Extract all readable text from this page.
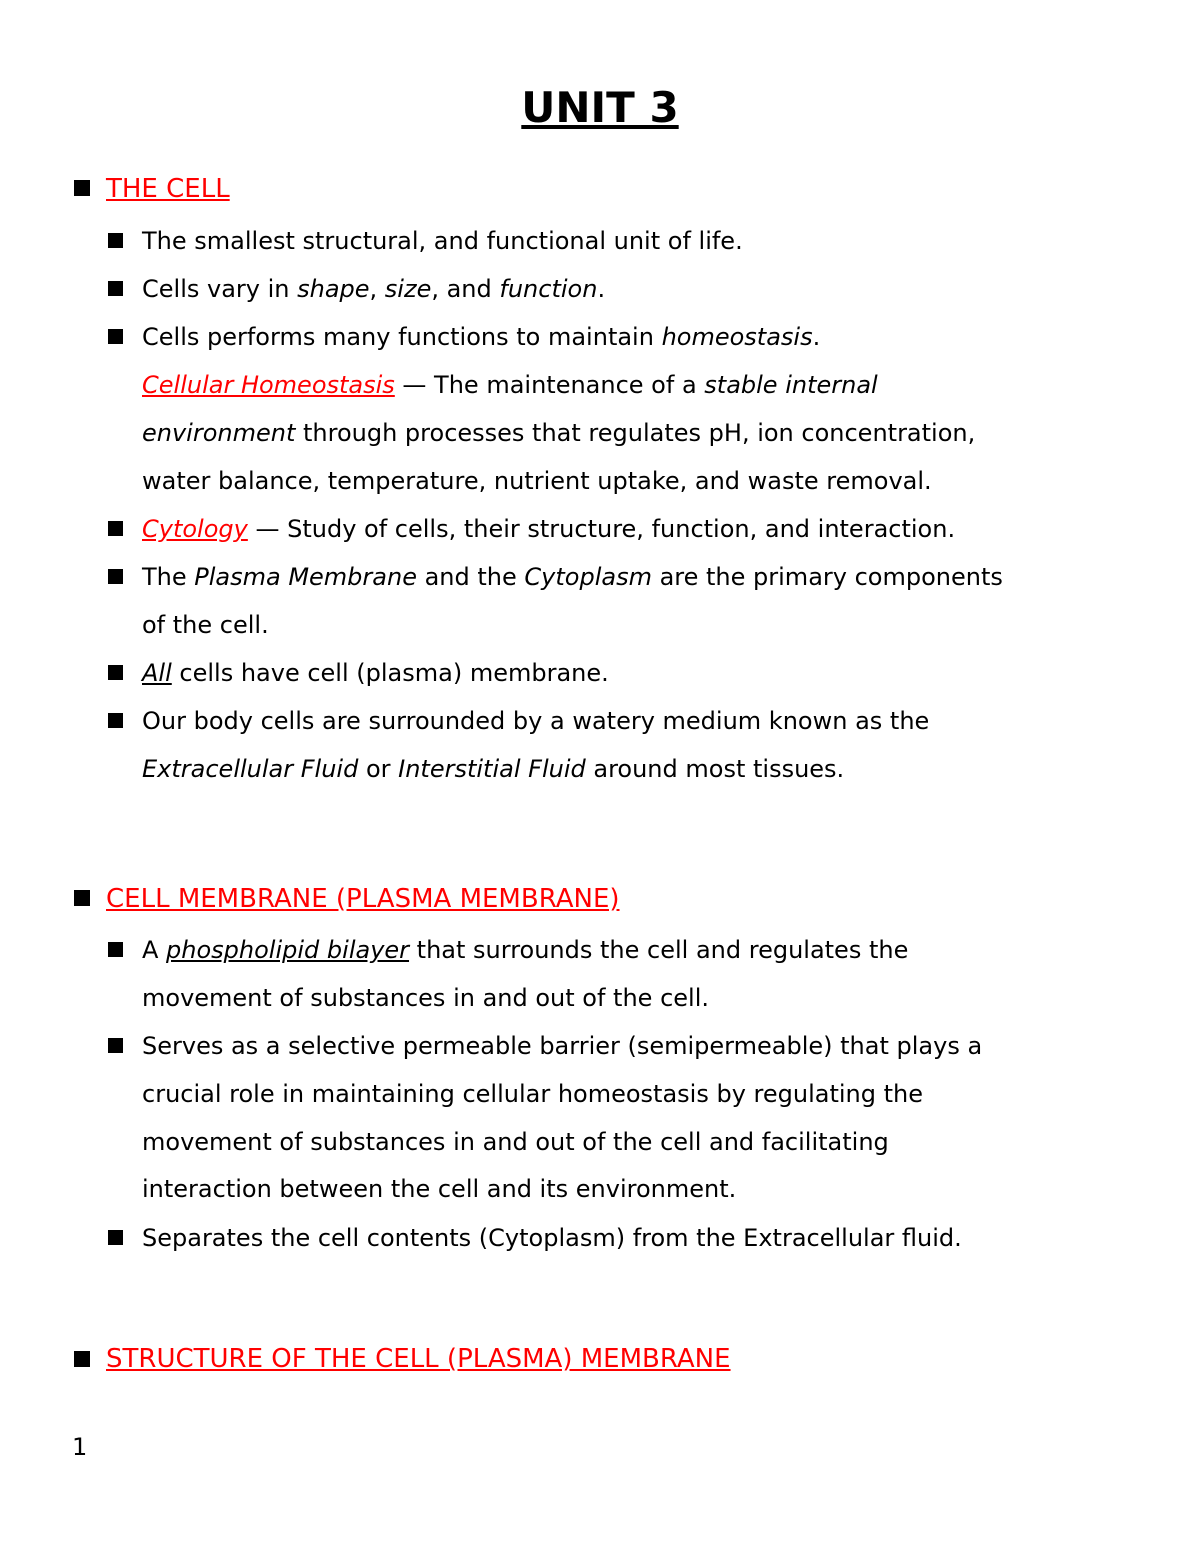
UNIT 3
THE CELL
The smallest structural, and functional unit of life.
Cells vary in shape, size, and function.
Cells performs many functions to maintain homeostasis.
Cellular Homeostasis — The maintenance of a stable internal
environment through processes that regulates pH, ion concentration,
water balance, temperature, nutrient uptake, and waste removal.
Cytology — Study of cells, their structure, function, and interaction.
The Plasma Membrane and the Cytoplasm are the primary components
of the cell.
All cells have cell (plasma) membrane.
Our body cells are surrounded by a watery medium known as the
Extracellular Fluid or Interstitial Fluid around most tissues.
CELL MEMBRANE (PLASMA MEMBRANE)
A phospholipid bilayer that surrounds the cell and regulates the
movement of substances in and out of the cell.
Serves as a selective permeable barrier (semipermeable) that plays a
crucial role in maintaining cellular homeostasis by regulating the
movement of substances in and out of the cell and facilitating
interaction between the cell and its environment.
Separates the cell contents (Cytoplasm) from the Extracellular fluid.
STRUCTURE OF THE CELL (PLASMA) MEMBRANE
1
